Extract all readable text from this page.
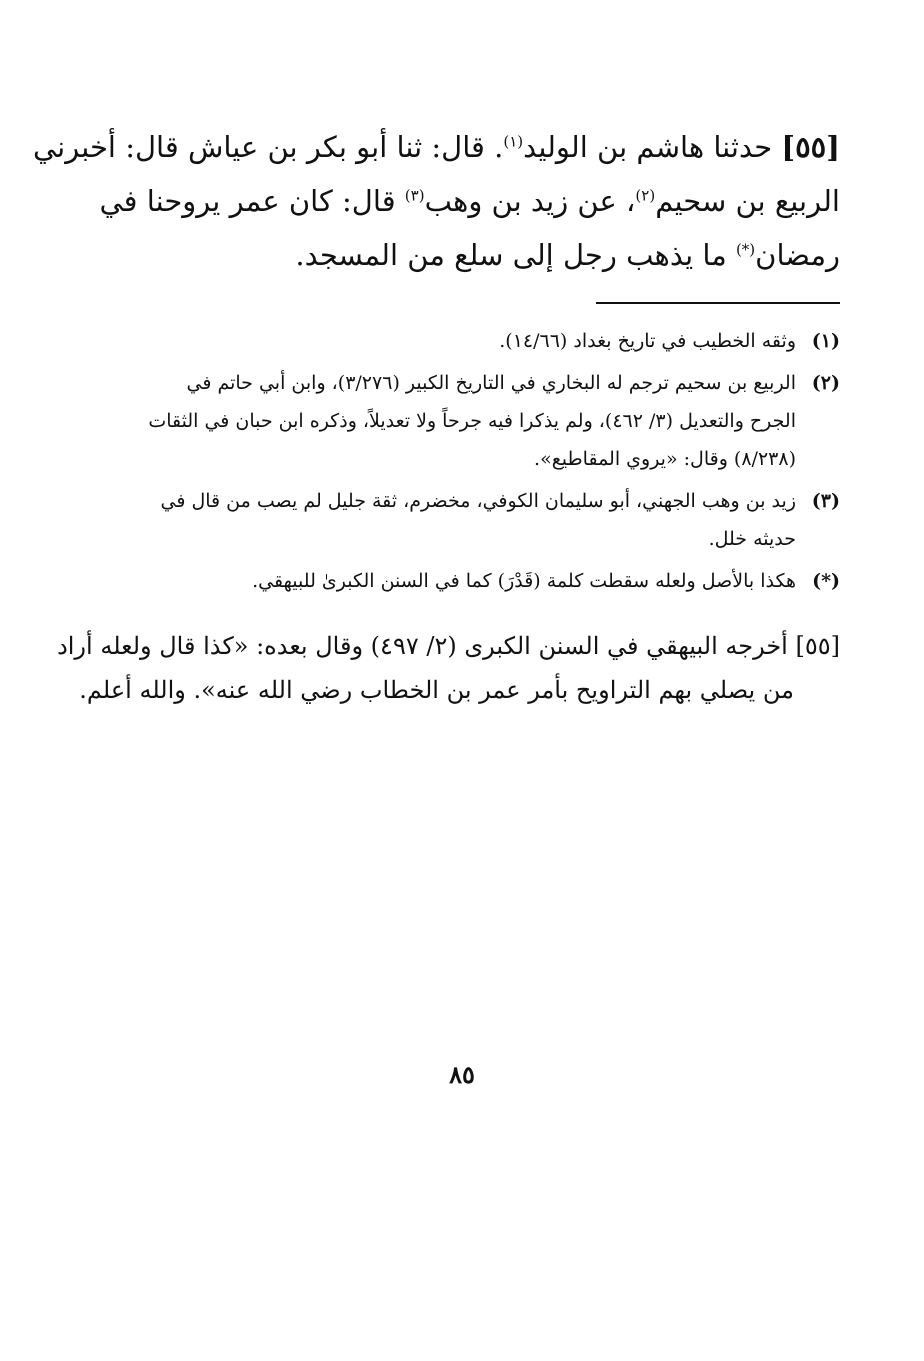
[٥٥] حدثنا هاشم بن الوليد$^{(١)}$. قال: ثنا أبو بكر بن عياش قال: أخبرني
الربيع بن سحيم$^{(٢)}$، عن زيد بن وهب$^{(٣)}$ قال: كان عمر يروحنا في
رمضان(*) ما يذهب رجل إلى سلع من المسجد.
(١)
وثقه الخطيب في تاريخ بغداد (١٤/٦٦).
(٢)
الربيع بن سحيم ترجم له البخاري في التاريخ الكبير (٣/٢٧٦)، وابن أبي حاتم في
الجرح والتعديل (٣/ ٤٦٢)، ولم يذكرا فيه جرحاً ولا تعديلاً، وذكره ابن حبان في الثقات
(٨/٢٣٨) وقال: «يروي المقاطيع».
(٣)
زيد بن وهب الجهني، أبو سليمان الكوفي، مخضرم، ثقة جليل لم يصب من قال في
حديثه خلل.
(*)
هكذا بالأصل ولعله سقطت كلمة (قَدْرَ) كما في السنن الكبرىٰ للبيهقي.
[٥٥] أخرجه البيهقي في السنن الكبرى (٢/ ٤٩٧) وقال بعده: «كذا قال ولعله أراد
من يصلي بهم التراويح بأمر عمر بن الخطاب رضي الله عنه». والله أعلم.
٨٥
